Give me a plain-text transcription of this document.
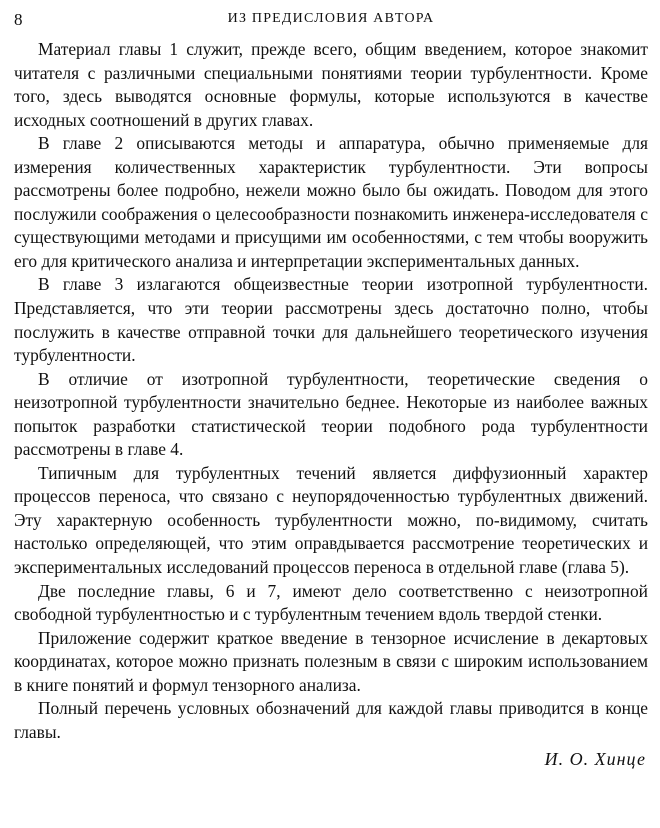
8	ИЗ ПРЕДИСЛОВИЯ АВТОРА

Материал главы 1 служит, прежде всего, общим введением, которое знакомит читателя с различными специальными понятиями теории турбулентности. Кроме того, здесь выводятся основные формулы, которые используются в качестве исходных соотношений в других главах.

В главе 2 описываются методы и аппаратура, обычно применяемые для измерения количественных характеристик турбулентности. Эти вопросы рассмотрены более подробно, нежели можно было бы ожидать. Поводом для этого послужили соображения о целесообразности познакомить инженера-исследователя с существующими методами и присущими им особенностями, с тем чтобы вооружить его для критического анализа и интерпретации экспериментальных данных.

В главе 3 излагаются общеизвестные теории изотропной турбулентности. Представляется, что эти теории рассмотрены здесь достаточно полно, чтобы послужить в качестве отправной точки для дальнейшего теоретического изучения турбулентности.

В отличие от изотропной турбулентности, теоретические сведения о неизотропной турбулентности значительно беднее. Некоторые из наиболее важных попыток разработки статистической теории подобного рода турбулентности рассмотрены в главе 4.

Типичным для турбулентных течений является диффузионный характер процессов переноса, что связано с неупорядоченностью турбулентных движений. Эту характерную особенность турбулентности можно, по-видимому, считать настолько определяющей, что этим оправдывается рассмотрение теоретических и экспериментальных исследований процессов переноса в отдельной главе (глава 5).

Две последние главы, 6 и 7, имеют дело соответственно с неизотропной свободной турбулентностью и с турбулентным течением вдоль твердой стенки.

Приложение содержит краткое введение в тензорное исчисление в декартовых координатах, которое можно признать полезным в связи с широким использованием в книге понятий и формул тензорного анализа.

Полный перечень условных обозначений для каждой главы приводится в конце главы.

И. О. Хинце
